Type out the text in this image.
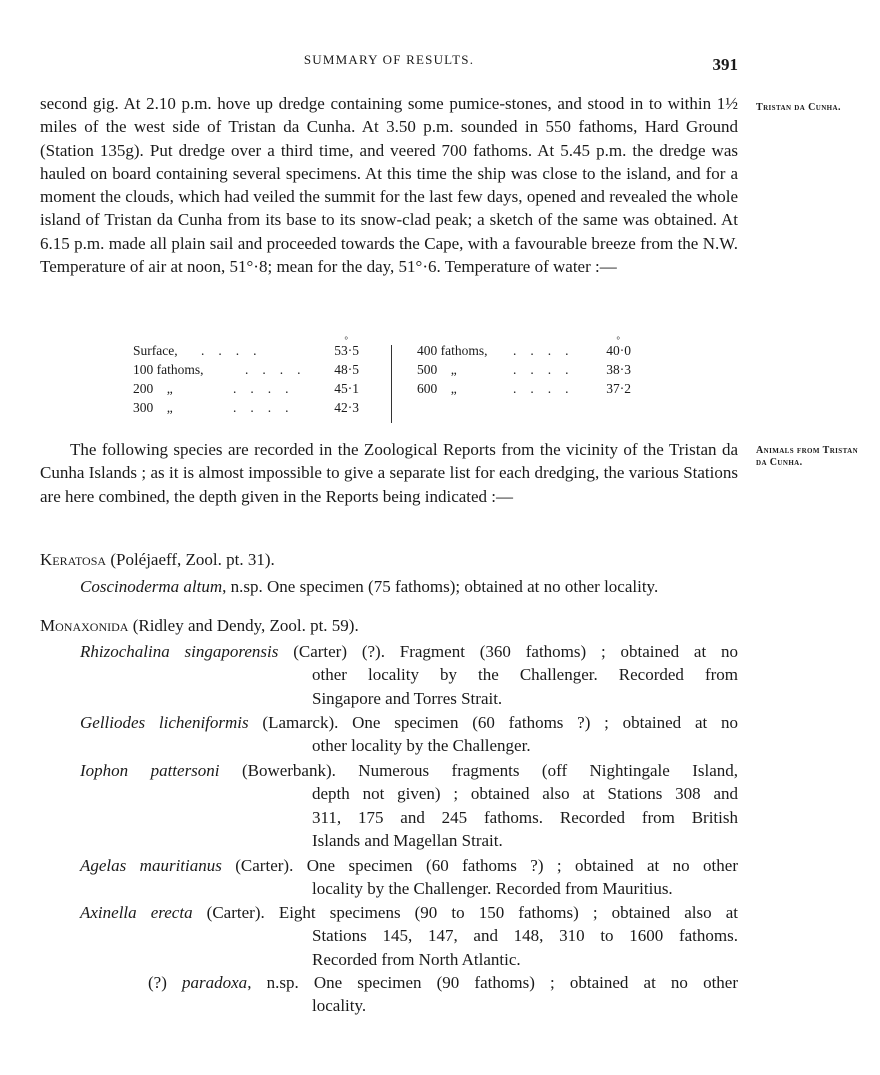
SUMMARY OF RESULTS.	391
second gig. At 2.10 p.m. hove up dredge containing some pumice-stones, and stood in to within 1½ miles of the west side of Tristan da Cunha. At 3.50 p.m. sounded in 550 fathoms, Hard Ground (Station 135g). Put dredge over a third time, and veered 700 fathoms. At 5.45 p.m. the dredge was hauled on board containing several specimens. At this time the ship was close to the island, and for a moment the clouds, which had veiled the summit for the last few days, opened and revealed the whole island of Tristan da Cunha from its base to its snow-clad peak; a sketch of the same was obtained. At 6.15 p.m. made all plain sail and proceeded towards the Cape, with a favourable breeze from the N.W. Temperature of air at noon, 51°·8; mean for the day, 51°·6. Temperature of water :—
Tristan da Cunha.
°
Surface, ....	53·5
100 fathoms,	.... 48·5
200    „	.... 45·1
300    „	.... 42·3
°
400 fathoms, .... 40·0
500    „	.... 38·3
600    „	.... 37·2
The following species are recorded in the Zoological Reports from the vicinity of the Tristan da Cunha Islands ; as it is almost impossible to give a separate list for each dredging, the various Stations are here combined, the depth given in the Reports being indicated :—
Animals from Tristan da Cunha.
Keratosa (Poléjaeff, Zool. pt. 31).
Coscinoderma altum, n.sp. One specimen (75 fathoms); obtained at no other locality.
Monaxonida (Ridley and Dendy, Zool. pt. 59).
Rhizochalina singaporensis (Carter) (?). Fragment (360 fathoms) ; obtained at no
other locality by the Challenger. Recorded from
Singapore and Torres Strait.
Gelliodes licheniformis (Lamarck). One specimen (60 fathoms ?) ; obtained at no
other locality by the Challenger.
Iophon pattersoni (Bowerbank). Numerous fragments (off Nightingale Island,
depth not given) ; obtained also at Stations 308 and
311, 175 and 245 fathoms. Recorded from British
Islands and Magellan Strait.
Agelas mauritianus (Carter). One specimen (60 fathoms ?) ; obtained at no other
locality by the Challenger. Recorded from Mauritius.
Axinella erecta (Carter). Eight specimens (90 to 150 fathoms) ; obtained also at
Stations 145, 147, and 148, 310 to 1600 fathoms.
Recorded from North Atlantic.
(?) paradoxa, n.sp. One specimen (90 fathoms) ; obtained at no other
locality.
